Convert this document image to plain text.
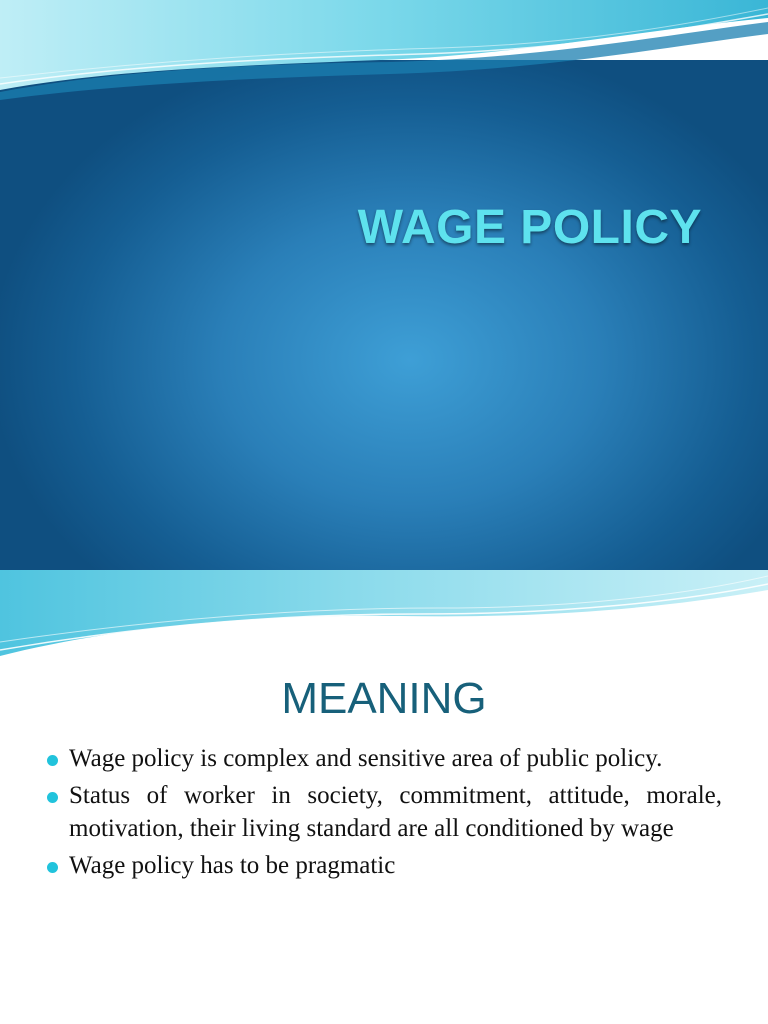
WAGE POLICY
MEANING
Wage policy is complex and sensitive area of public policy.
Status of worker in society, commitment, attitude, morale, motivation, their living standard are all conditioned by wage
Wage policy has to be pragmatic
